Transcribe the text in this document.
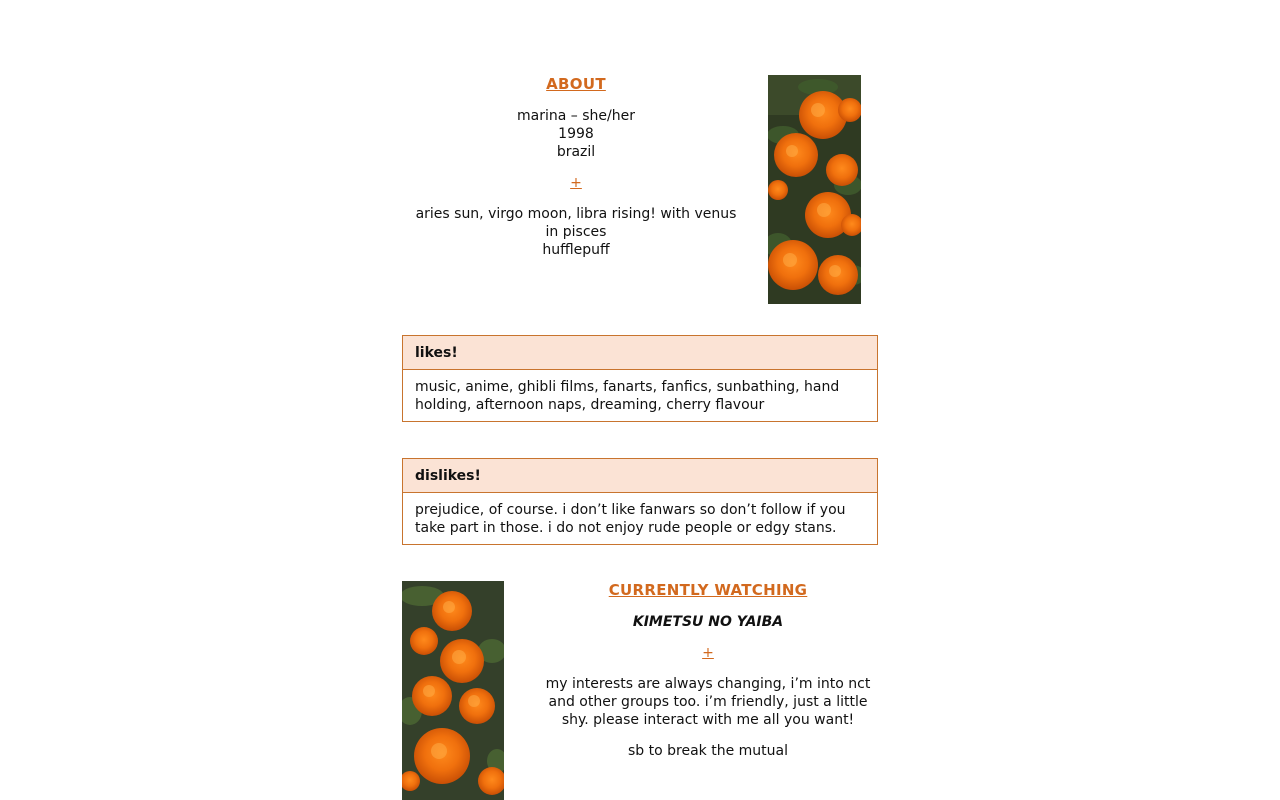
ABOUT
marina – she/her
1998
brazil
+
aries sun, virgo moon, libra rising! with venus in pisces
hufflepuff
likes!
music, anime, ghibli films, fanarts, fanfics, sunbathing, hand holding, afternoon naps, dreaming, cherry flavour
dislikes!
prejudice, of course. i don’t like fanwars so don’t follow if you take part in those. i do not enjoy rude people or edgy stans.
CURRENTLY WATCHING
KIMETSU NO YAIBA
+
my interests are always changing, i’m into nct and other groups too. i’m friendly, just a little shy. please interact with me all you want!
sb to break the mutual
